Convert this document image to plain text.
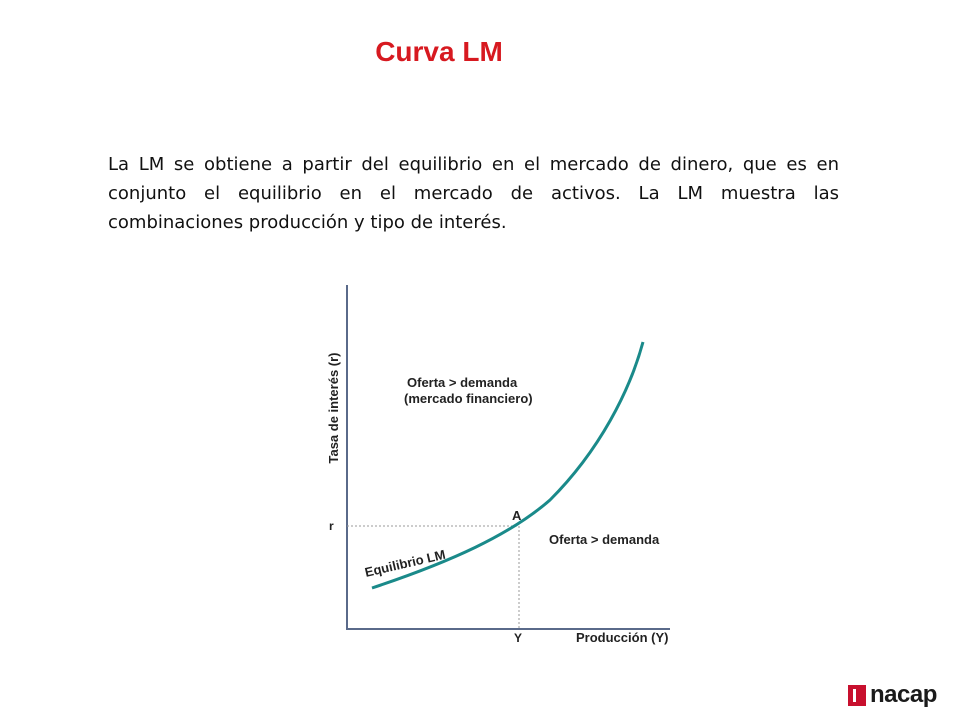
Curva LM

La LM se obtiene a partir del equilibrio en el mercado de dinero, que es en conjunto el equilibrio en el mercado de activos. La LM muestra las combinaciones producción y tipo de interés.

Tasa de interés (r)
Producción (Y)
Oferta > demanda
(mercado financiero)
Oferta > demanda
Equilibrio LM
A
r
Y
nacap
